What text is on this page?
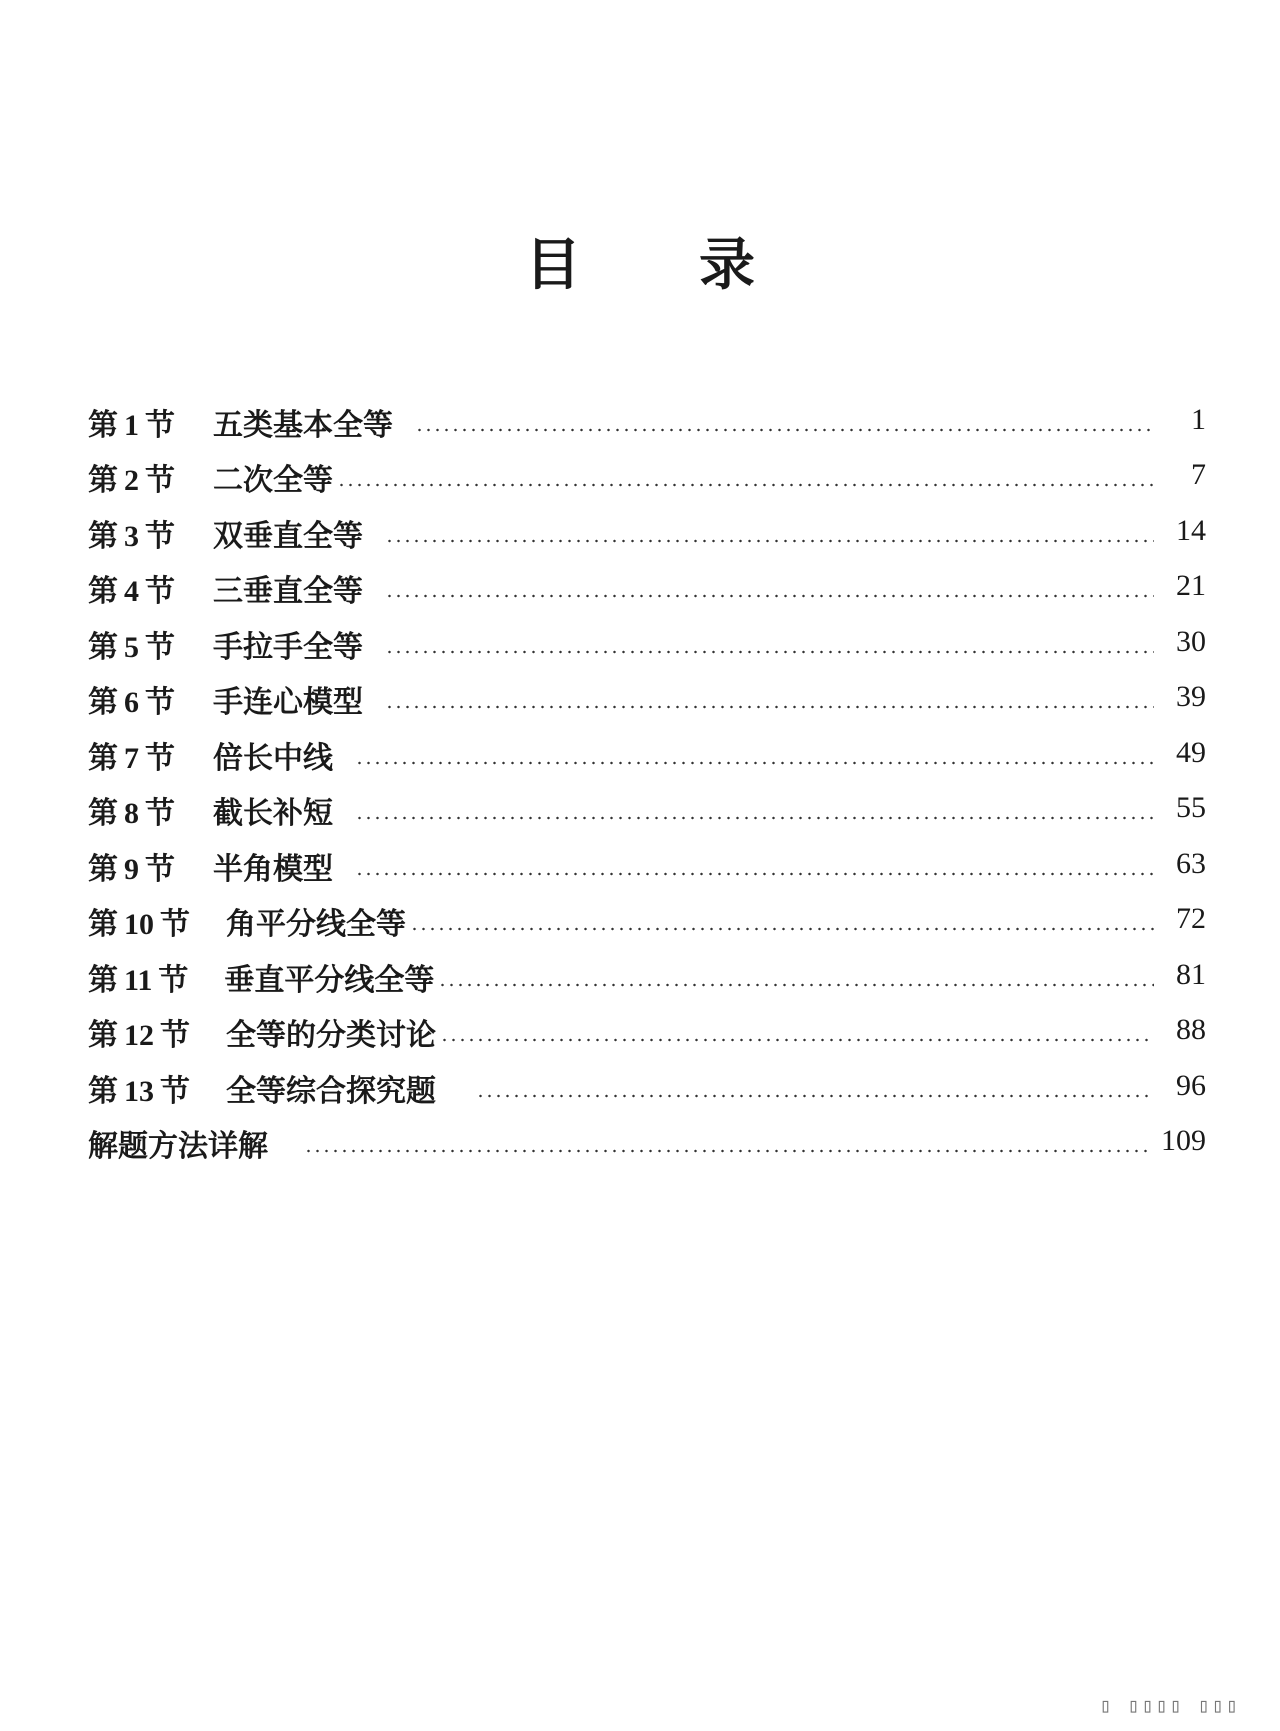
目 录
第 1 节 五类基本全等	1
第 2 节 二次全等	7
第 3 节 双垂直全等	14
第 4 节 三垂直全等	21
第 5 节 手拉手全等	30
第 6 节 手连心模型	39
第 7 节 倍长中线	49
第 8 节 截长补短	55
第 9 节 半角模型	63
第 10 节 角平分线全等	72
第 11 节 垂直平分线全等	81
第 12 节 全等的分类讨论	88
第 13 节 全等综合探究题	96
解题方法详解	109
▯ ▯▯▯▯ ▯▯▯
